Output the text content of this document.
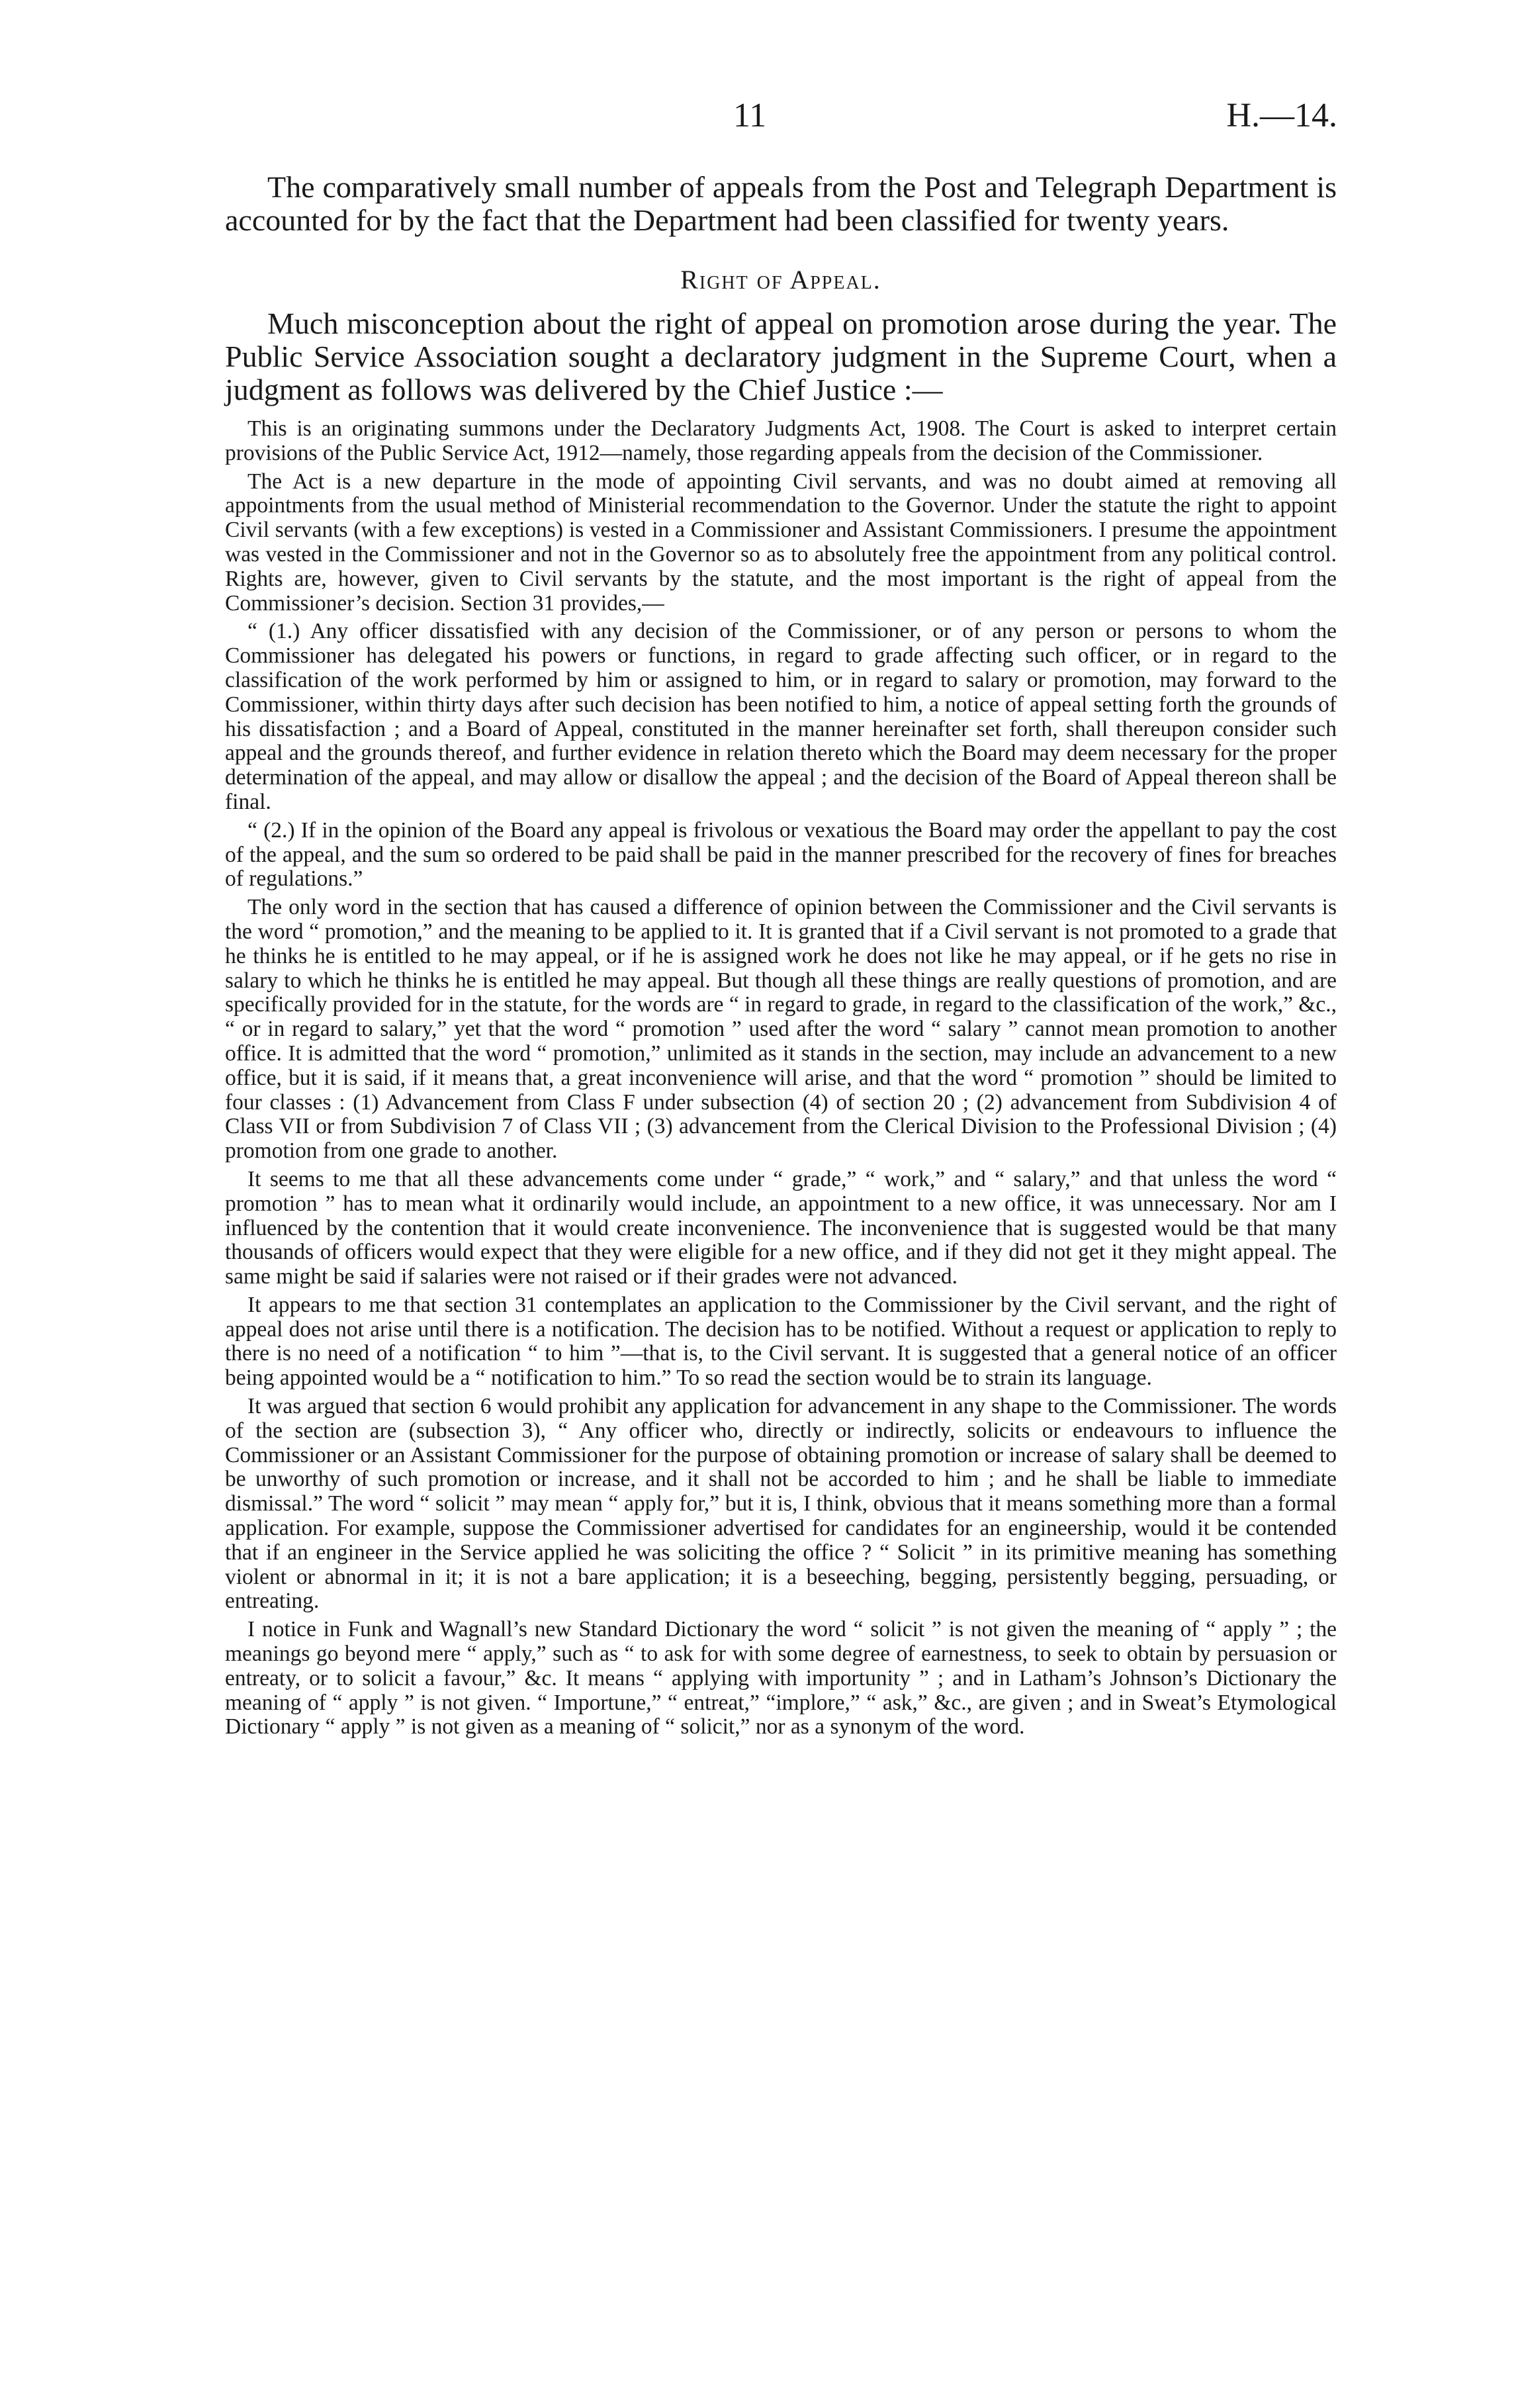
11	H.—14.

The comparatively small number of appeals from the Post and Telegraph Department is accounted for by the fact that the Department had been classified for twenty years.

Right of Appeal.

Much misconception about the right of appeal on promotion arose during the year. The Public Service Association sought a declaratory judgment in the Supreme Court, when a judgment as follows was delivered by the Chief Justice :—

This is an originating summons under the Declaratory Judgments Act, 1908. The Court is asked to interpret certain provisions of the Public Service Act, 1912—namely, those regarding appeals from the decision of the Commissioner.

The Act is a new departure in the mode of appointing Civil servants, and was no doubt aimed at removing all appointments from the usual method of Ministerial recommendation to the Governor. Under the statute the right to appoint Civil servants (with a few exceptions) is vested in a Commissioner and Assistant Commissioners. I presume the appointment was vested in the Commissioner and not in the Governor so as to absolutely free the appointment from any political control. Rights are, however, given to Civil servants by the statute, and the most important is the right of appeal from the Commissioner’s decision. Section 31 provides,—

“ (1.) Any officer dissatisfied with any decision of the Commissioner, or of any person or persons to whom the Commissioner has delegated his powers or functions, in regard to grade affecting such officer, or in regard to the classification of the work performed by him or assigned to him, or in regard to salary or promotion, may forward to the Commissioner, within thirty days after such decision has been notified to him, a notice of appeal setting forth the grounds of his dissatisfaction ; and a Board of Appeal, constituted in the manner hereinafter set forth, shall thereupon consider such appeal and the grounds thereof, and further evidence in relation thereto which the Board may deem necessary for the proper determination of the appeal, and may allow or disallow the appeal ; and the decision of the Board of Appeal thereon shall be final.

“ (2.) If in the opinion of the Board any appeal is frivolous or vexatious the Board may order the appellant to pay the cost of the appeal, and the sum so ordered to be paid shall be paid in the manner prescribed for the recovery of fines for breaches of regulations.”

The only word in the section that has caused a difference of opinion between the Commissioner and the Civil servants is the word “ promotion,” and the meaning to be applied to it. It is granted that if a Civil servant is not promoted to a grade that he thinks he is entitled to he may appeal, or if he is assigned work he does not like he may appeal, or if he gets no rise in salary to which he thinks he is entitled he may appeal. But though all these things are really questions of promotion, and are specifically provided for in the statute, for the words are “ in regard to grade, in regard to the classification of the work,” &c., “ or in regard to salary,” yet that the word “ promotion ” used after the word “ salary ” cannot mean promotion to another office. It is admitted that the word “ promotion,” unlimited as it stands in the section, may include an advancement to a new office, but it is said, if it means that, a great inconvenience will arise, and that the word “ promotion ” should be limited to four classes : (1) Advancement from Class F under subsection (4) of section 20 ; (2) advancement from Subdivision 4 of Class VII or from Subdivision 7 of Class VII ; (3) advancement from the Clerical Division to the Professional Division ; (4) promotion from one grade to another.

It seems to me that all these advancements come under “ grade,” “ work,” and “ salary,” and that unless the word “ promotion ” has to mean what it ordinarily would include, an appointment to a new office, it was unnecessary. Nor am I influenced by the contention that it would create inconvenience. The inconvenience that is suggested would be that many thousands of officers would expect that they were eligible for a new office, and if they did not get it they might appeal. The same might be said if salaries were not raised or if their grades were not advanced.

It appears to me that section 31 contemplates an application to the Commissioner by the Civil servant, and the right of appeal does not arise until there is a notification. The decision has to be notified. Without a request or application to reply to there is no need of a notification “ to him ”—that is, to the Civil servant. It is suggested that a general notice of an officer being appointed would be a “ notification to him.” To so read the section would be to strain its language.

It was argued that section 6 would prohibit any application for advancement in any shape to the Commissioner. The words of the section are (subsection 3), “ Any officer who, directly or indirectly, solicits or endeavours to influence the Commissioner or an Assistant Commissioner for the purpose of obtaining promotion or increase of salary shall be deemed to be unworthy of such promotion or increase, and it shall not be accorded to him ; and he shall be liable to immediate dismissal.” The word “ solicit ” may mean “ apply for,” but it is, I think, obvious that it means something more than a formal application. For example, suppose the Commissioner advertised for candidates for an engineership, would it be contended that if an engineer in the Service applied he was soliciting the office ? “ Solicit ” in its primitive meaning has something violent or abnormal in it; it is not a bare application; it is a beseeching, begging, persistently begging, persuading, or entreating.

I notice in Funk and Wagnall’s new Standard Dictionary the word “ solicit ” is not given the meaning of “ apply ” ; the meanings go beyond mere “ apply,” such as “ to ask for with some degree of earnestness, to seek to obtain by persuasion or entreaty, or to solicit a favour,” &c. It means “ applying with importunity ” ; and in Latham’s Johnson’s Dictionary the meaning of “ apply ” is not given. “ Importune,” “ entreat,” “implore,” “ ask,” &c., are given ; and in Sweat’s Etymological Dictionary “ apply ” is not given as a meaning of “ solicit,” nor as a synonym of the word.
